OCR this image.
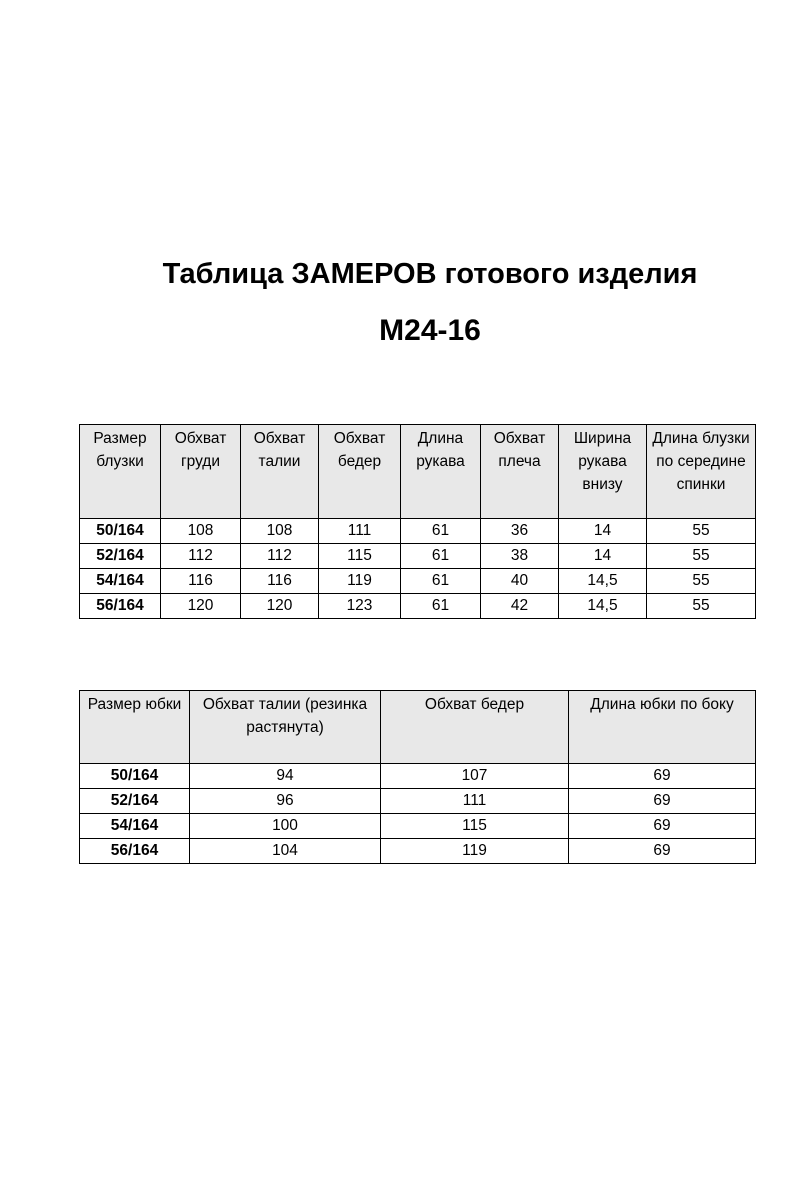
Таблица ЗАМЕРОВ готового изделия
М24-16
Размер блузки	Обхват груди	Обхват талии	Обхват бедер	Длина рукава	Обхват плеча	Ширина рукава внизу	Длина блузки по середине спинки
50/164	108	108	111	61	36	14	55
52/164	112	112	115	61	38	14	55
54/164	116	116	119	61	40	14,5	55
56/164	120	120	123	61	42	14,5	55
Размер юбки	Обхват талии (резинка растянута)	Обхват бедер	Длина юбки по боку
50/164	94	107	69
52/164	96	111	69
54/164	100	115	69
56/164	104	119	69
